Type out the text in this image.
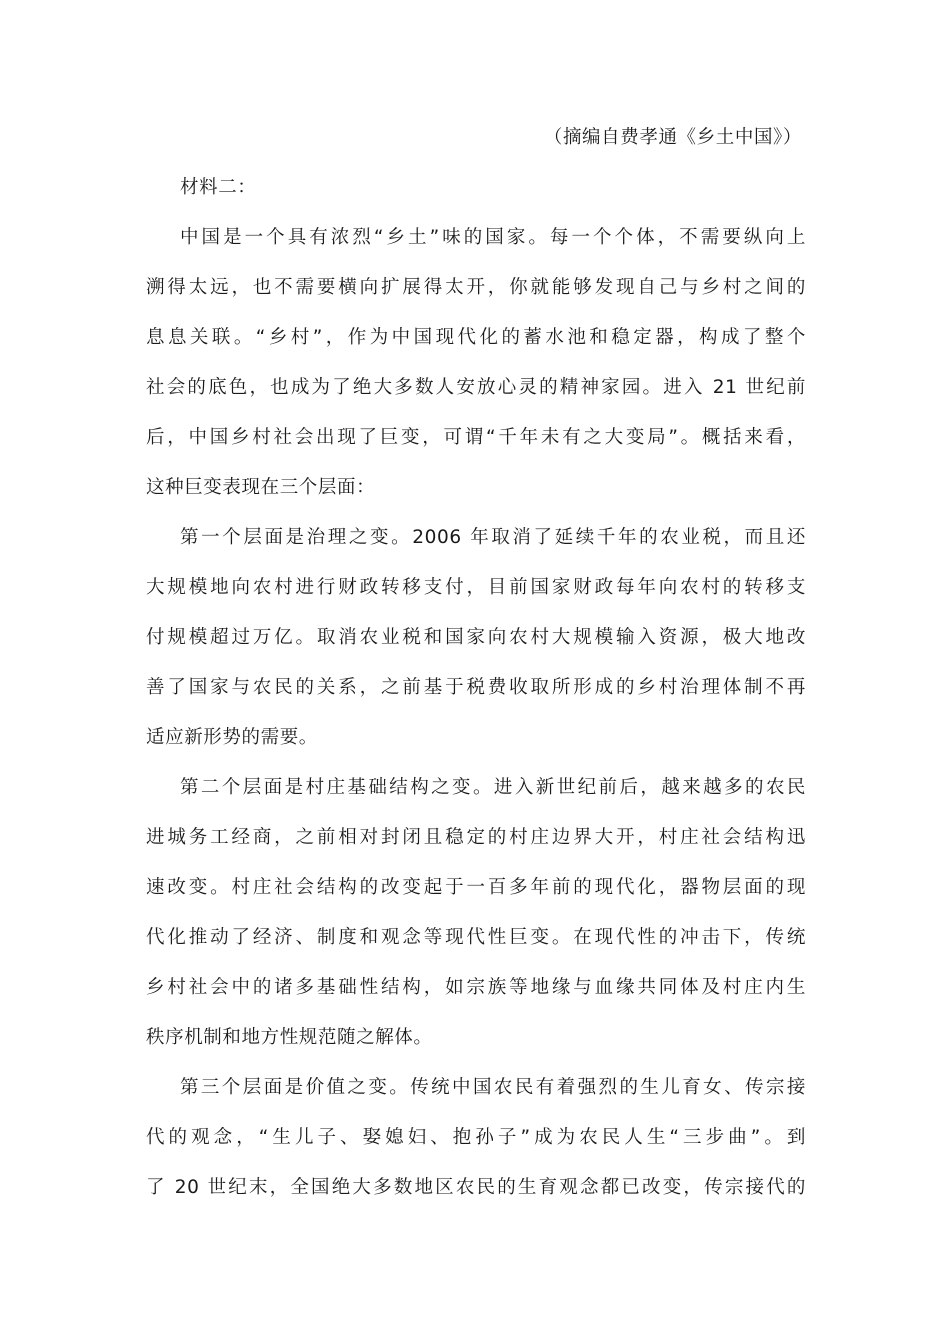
（摘编自费孝通《乡土中国》）
材料二：
中国是一个具有浓烈“乡土”味的国家。每一个个体，不需要纵向上
溯得太远，也不需要横向扩展得太开，你就能够发现自己与乡村之间的
息息关联。“乡村”，作为中国现代化的蓄水池和稳定器，构成了整个
社会的底色，也成为了绝大多数人安放心灵的精神家园。进入 21 世纪前
后，中国乡村社会出现了巨变，可谓“千年未有之大变局”。概括来看，
这种巨变表现在三个层面：
第一个层面是治理之变。2006 年取消了延续千年的农业税，而且还
大规模地向农村进行财政转移支付，目前国家财政每年向农村的转移支
付规模超过万亿。取消农业税和国家向农村大规模输入资源，极大地改
善了国家与农民的关系，之前基于税费收取所形成的乡村治理体制不再
适应新形势的需要。
第二个层面是村庄基础结构之变。进入新世纪前后，越来越多的农民
进城务工经商，之前相对封闭且稳定的村庄边界大开，村庄社会结构迅
速改变。村庄社会结构的改变起于一百多年前的现代化，器物层面的现
代化推动了经济、制度和观念等现代性巨变。在现代性的冲击下，传统
乡村社会中的诸多基础性结构，如宗族等地缘与血缘共同体及村庄内生
秩序机制和地方性规范随之解体。
第三个层面是价值之变。传统中国农民有着强烈的生儿育女、传宗接
代的观念，“生儿子、娶媳妇、抱孙子”成为农民人生“三步曲”。到
了 20 世纪末，全国绝大多数地区农民的生育观念都已改变，传宗接代的
